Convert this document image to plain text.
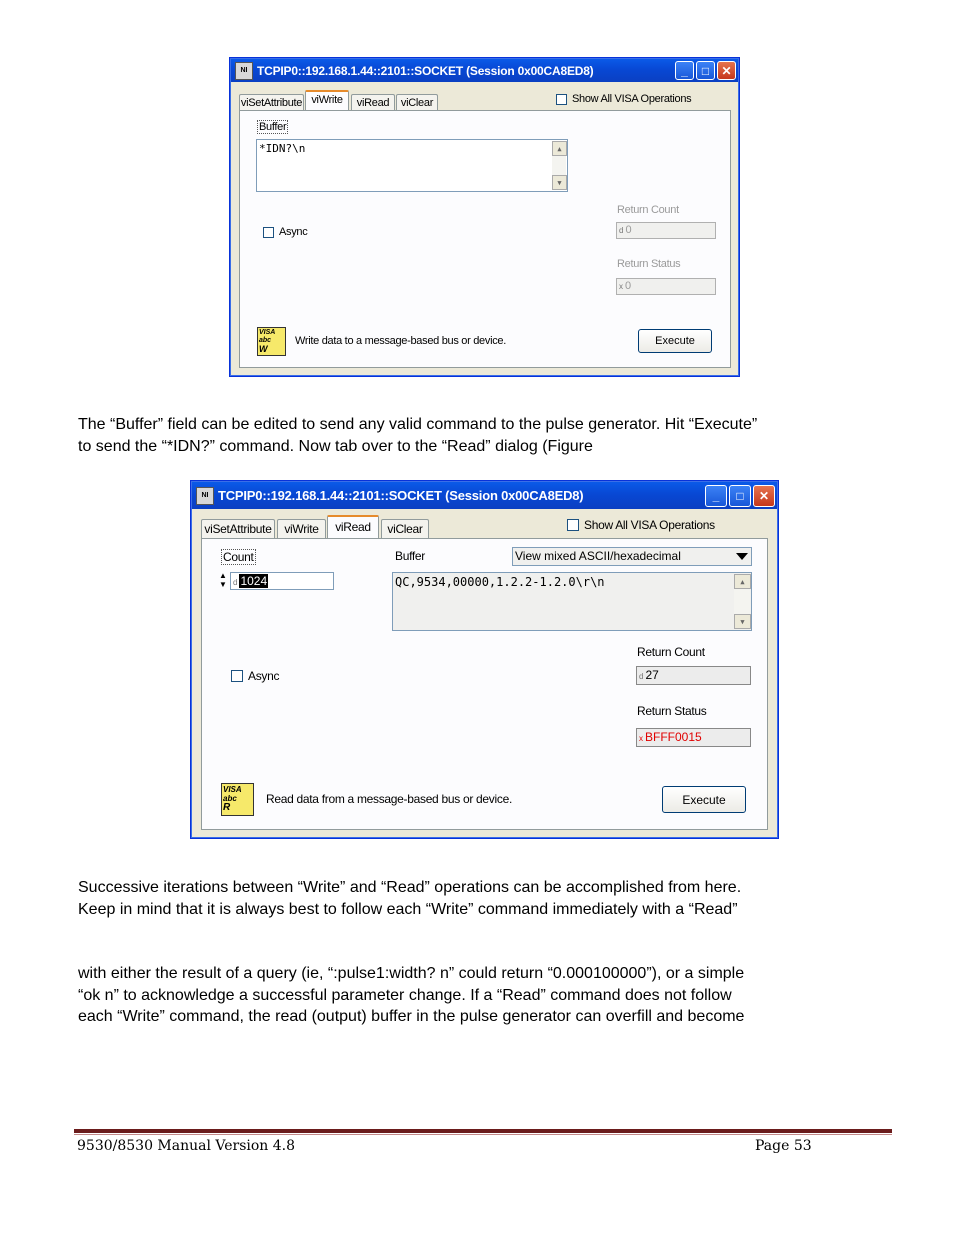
NI TCPIP0::192.168.1.44::2101::SOCKET (Session 0x00CA8ED8)	_	□	✕
viSetAttribute viWrite	viRead	viClear	Show All VISA Operations
Buffer
*IDN?\n	▲
▼
Async
Return Count
d 0
Return Status
x 0
VISA
abc
W
Write data to a message-based bus or device.	Execute
The “Buffer” field can be edited to send any valid command to the pulse generator. Hit “Execute”
to send the “*IDN?” command. Now tab over to the “Read” dialog (Figure
NI TCPIP0::192.168.1.44::2101::SOCKET (Session 0x00CA8ED8)	_	□	✕
viSetAttribute	viWrite	viRead	viClear	Show All VISA Operations
Count
▲
▼ d 1024
Buffer	View mixed ASCII/hexadecimal
QC,9534,00000,1.2.2-1.2.0\r\n	▲
▼
Async
Return Count
d 27
Return Status
x BFFF0015
VISA
abc
R
Read data from a message-based bus or device.	Execute
Successive iterations between “Write” and “Read” operations can be accomplished from here.
Keep in mind that it is always best to follow each “Write” command immediately with a “Read”
with either the result of a query (ie, “:pulse1:width? n” could return “0.000100000”), or a simple
“ok n” to acknowledge a successful parameter change. If a “Read” command does not follow
each “Write” command, the read (output) buffer in the pulse generator can overfill and become
9530/8530 Manual Version 4.8	Page 53
